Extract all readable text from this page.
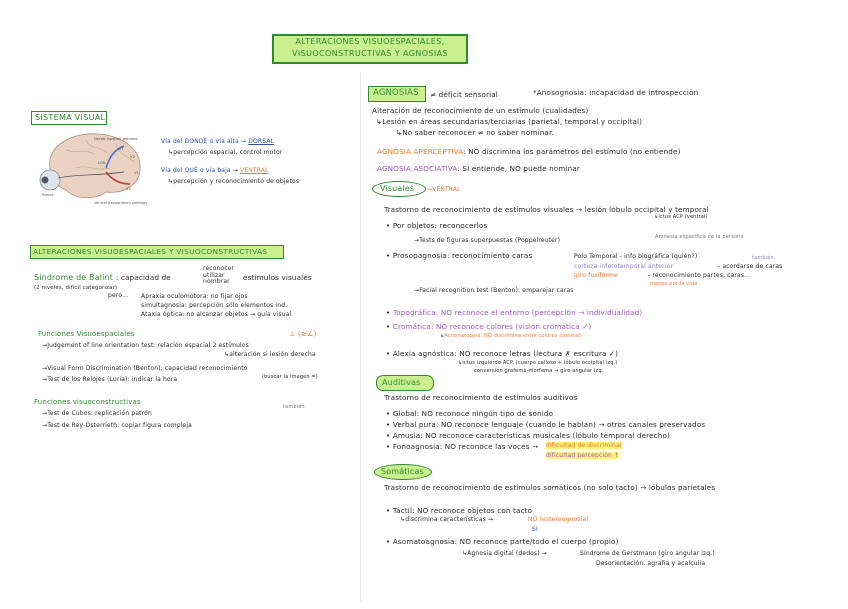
ALTERACIONES VISUOESPACIALES,
VISUOCONSTRUCTIVAS Y AGNOSIAS
SISTEMA VISUAL
Dorsal (spatial) pathway
Ventral (recognition) pathway
Retina
LGN
V1
V2
V4
MT
Vía del DONDE o vía alta → DORSAL
↳percepción espacial, control motor
Vía del QUÉ o vía baja → VENTRAL
↳percepción y reconocimiento de objetos
ALTERACIONES VISUOESPACIALES Y VISUOCONSTRUCTIVAS
Síndrome de Balint
(2 niveles, difícil categorizar)
: capacidad de
reconocer
utilizar
nombrar	estímulos visuales
pero… Apraxia oculomotora: no fijar ojos
simultagnosia: percepción sólo elementos ind.
Ataxia óptica: no alcanzar objetos → guía visual
Funciones Visuoespaciales	⊥ (≥∠)
→Judgement of line orientation test: relación espacial 2 estímulos
↳alteración si lesión derecha
→Visual Form Discrimination (Benton): capacidad reconocimiento
(buscar la imagen =)
→Test de los Relojes (Luria): indicar la hora
Funciones visuoconstructivas
también
→Test de Cubos: replicación patrón
→Test de Rey-Osterrieth: copiar figura compleja
AGNOSIAS ≠ déficit sensorial	*Anosognosia: incapacidad de introspección
Alteración de reconocimiento de un estímulo (cualidades)
↳Lesión en áreas secundarias/terciarias (parietal, temporal y occipital)
↳No saber reconocer ≠ no saber nominar.
AGNOSIA APERCEPTIVA: NO discrimina los parámetros del estímulo (no entiende)
AGNOSIA ASOCIATIVA: SI entiende, NO puede nominar
Visuales →VENTRAL
Trastorno de reconocimiento de estímulos visuales → lesión lóbulo occipital y temporal
↳ictus ACP (ventral)
• Por objetos: reconocerlos
→Tests de figuras superpuestas (Poppelreuter)	Amnesia específica de la persona
• Prosopagnosia: reconocimiento caras	Polo Temporal - info biográfica (quién?)
corteza inferotemporal anterior	- acordarse de caras
giro fusiforme	- reconocimiento partes, caras…
también
menos por la vida
→Facial recognition test (Benton): emparejar caras
• Topográfica: NO reconoce el entorno (percepción → individualidad)
• Cromática: NO reconoce colores (visión cromática ✓)
↳Acromatopsia: NO discrimina entre colores (central)
• Alexia agnóstica: NO reconoce letras (lectura ✗ escritura ✓)
↳ictus izquierdo ACP. (cuerpo calloso + lóbulo occipital izq.)
conversión grafema-morfema → giro angular izq.
Auditivas
Trastorno de reconocimiento de estímulos auditivos
• Global: NO reconoce ningún tipo de sonido
• Verbal pura: NO reconoce lenguaje (cuando le hablan) → otros canales preservados
• Amusia: NO reconoce características musicales (lóbulo temporal derecho)
• Fonoagnosia: NO reconoce las voces → dificultad de discriminar
dificultad percepción ↑
Somáticas
Trastorno de reconocimiento de estímulos somáticos (no solo tacto) → lóbulos parietales
• Táctil: NO reconoce objetos con tacto
↳discrimina características →	NO (estereognosia)
SI
• Asomatoagnosia: NO reconoce parte/todo el cuerpo (propio)
↳Agnosia digital (dedos) →	Síndrome de Gerstmann (giro angular izq.)
Desorientación, agrafia y acalculia
